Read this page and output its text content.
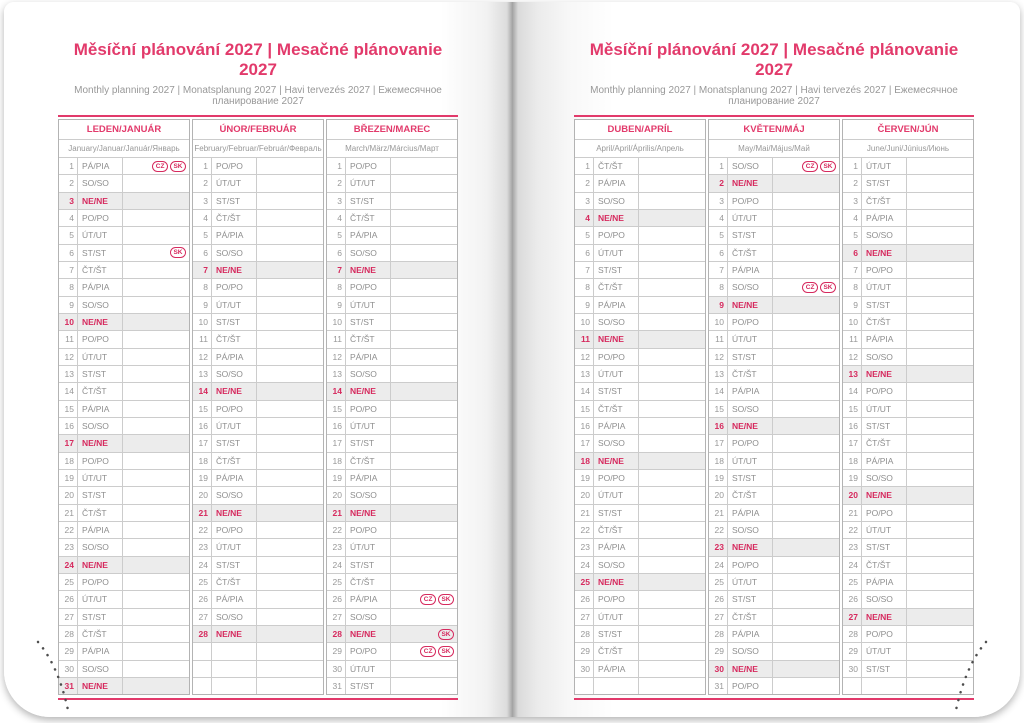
Měsíční plánování 2027 | Mesačné plánovanie 2027
Monthly planning 2027 | Monatsplanung 2027 | Havi tervezés 2027 | Ежемесячное планирование 2027
LEDEN/JANUÁR
January/Januar/Január/Январь
1 PÁ/PIA	CZ	SK
2 SO/SO
3 NE/NE
4 PO/PO
5 ÚT/UT
6 ST/ST	SK
7 ČT/ŠT
8 PÁ/PIA
9 SO/SO
10 NE/NE
11 PO/PO
12 ÚT/UT
13 ST/ST
14 ČT/ŠT
15 PÁ/PIA
16 SO/SO
17 NE/NE
18 PO/PO
19 ÚT/UT
20 ST/ST
21 ČT/ŠT
22 PÁ/PIA
23 SO/SO
24 NE/NE
25 PO/PO
26 ÚT/UT
27 ST/ST
28 ČT/ŠT
29 PÁ/PIA
30 SO/SO
31 NE/NE
ÚNOR/FEBRUÁR
February/Februar/Február/Февраль
1 PO/PO
2 ÚT/UT
3 ST/ST
4 ČT/ŠT
5 PÁ/PIA
6 SO/SO
7 NE/NE
8 PO/PO
9 ÚT/UT
10 ST/ST
11 ČT/ŠT
12 PÁ/PIA
13 SO/SO
14 NE/NE
15 PO/PO
16 ÚT/UT
17 ST/ST
18 ČT/ŠT
19 PÁ/PIA
20 SO/SO
21 NE/NE
22 PO/PO
23 ÚT/UT
24 ST/ST
25 ČT/ŠT
26 PÁ/PIA
27 SO/SO
28 NE/NE
BŘEZEN/MAREC
March/März/Március/Март
1 PO/PO
2 ÚT/UT
3 ST/ST
4 ČT/ŠT
5 PÁ/PIA
6 SO/SO
7 NE/NE
8 PO/PO
9 ÚT/UT
10 ST/ST
11 ČT/ŠT
12 PÁ/PIA
13 SO/SO
14 NE/NE
15 PO/PO
16 ÚT/UT
17 ST/ST
18 ČT/ŠT
19 PÁ/PIA
20 SO/SO
21 NE/NE
22 PO/PO
23 ÚT/UT
24 ST/ST
25 ČT/ŠT
26 PÁ/PIA	CZ	SK
27 SO/SO
28 NE/NE	SK
29 PO/PO	CZ	SK
30 ÚT/UT
31 ST/ST
Měsíční plánování 2027 | Mesačné plánovanie 2027
Monthly planning 2027 | Monatsplanung 2027 | Havi tervezés 2027 | Ежемесячное планирование 2027
DUBEN/APRÍL
April/April/Április/Апрель
1 ČT/ŠT
2 PÁ/PIA
3 SO/SO
4 NE/NE
5 PO/PO
6 ÚT/UT
7 ST/ST
8 ČT/ŠT
9 PÁ/PIA
10 SO/SO
11 NE/NE
12 PO/PO
13 ÚT/UT
14 ST/ST
15 ČT/ŠT
16 PÁ/PIA
17 SO/SO
18 NE/NE
19 PO/PO
20 ÚT/UT
21 ST/ST
22 ČT/ŠT
23 PÁ/PIA
24 SO/SO
25 NE/NE
26 PO/PO
27 ÚT/UT
28 ST/ST
29 ČT/ŠT
30 PÁ/PIA
KVĚTEN/MÁJ
May/Mai/Május/Май
1 SO/SO	CZ	SK
2 NE/NE
3 PO/PO
4 ÚT/UT
5 ST/ST
6 ČT/ŠT
7 PÁ/PIA
8 SO/SO	CZ	SK
9 NE/NE
10 PO/PO
11 ÚT/UT
12 ST/ST
13 ČT/ŠT
14 PÁ/PIA
15 SO/SO
16 NE/NE
17 PO/PO
18 ÚT/UT
19 ST/ST
20 ČT/ŠT
21 PÁ/PIA
22 SO/SO
23 NE/NE
24 PO/PO
25 ÚT/UT
26 ST/ST
27 ČT/ŠT
28 PÁ/PIA
29 SO/SO
30 NE/NE
31 PO/PO
ČERVEN/JÚN
June/Juni/Június/Июнь
1 ÚT/UT
2 ST/ST
3 ČT/ŠT
4 PÁ/PIA
5 SO/SO
6 NE/NE
7 PO/PO
8 ÚT/UT
9 ST/ST
10 ČT/ŠT
11 PÁ/PIA
12 SO/SO
13 NE/NE
14 PO/PO
15 ÚT/UT
16 ST/ST
17 ČT/ŠT
18 PÁ/PIA
19 SO/SO
20 NE/NE
21 PO/PO
22 ÚT/UT
23 ST/ST
24 ČT/ŠT
25 PÁ/PIA
26 SO/SO
27 NE/NE
28 PO/PO
29 ÚT/UT
30 ST/ST
